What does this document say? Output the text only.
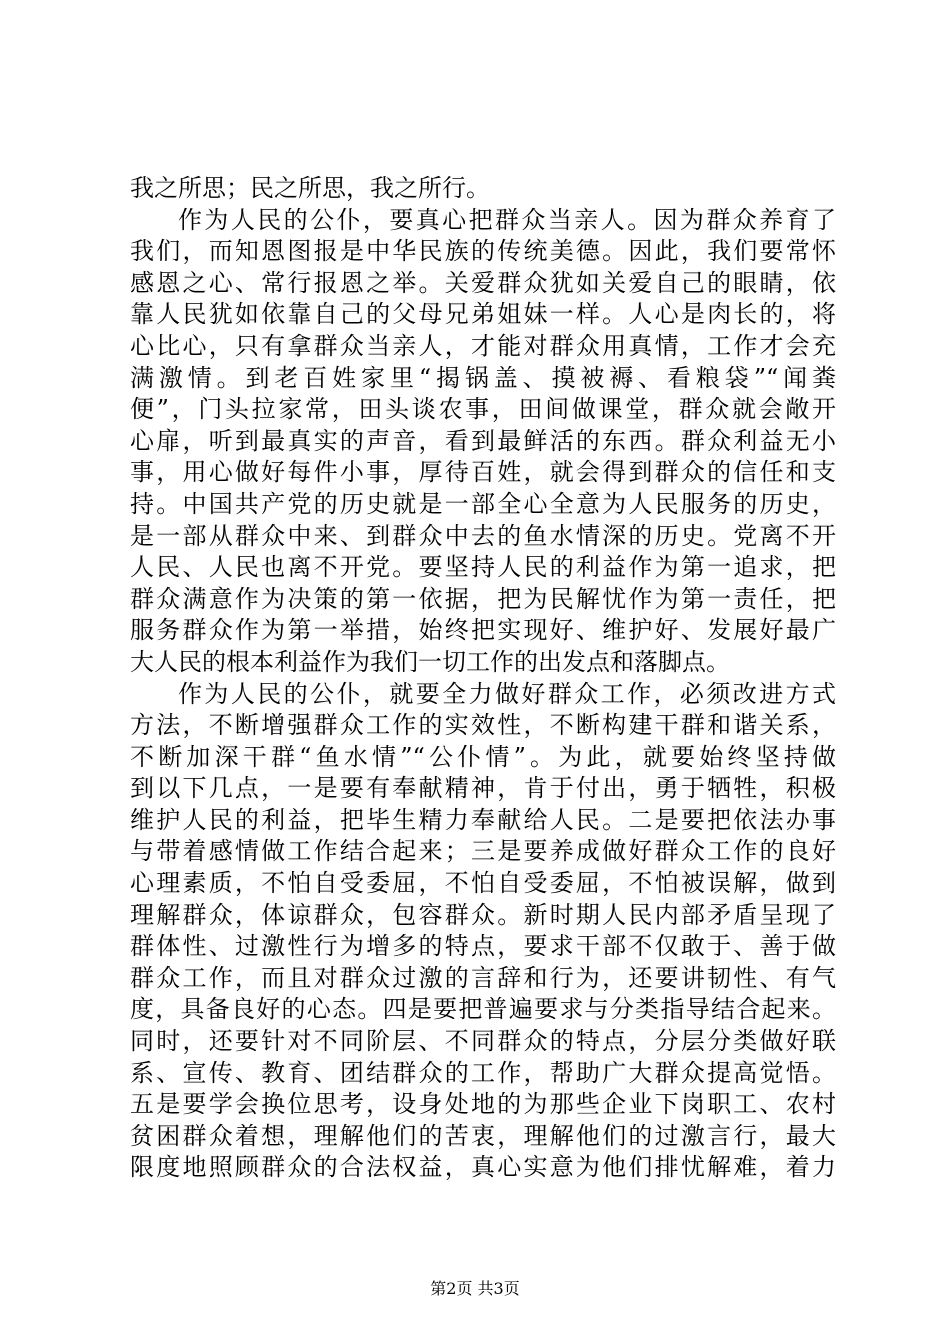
我之所思；民之所思，我之所行。
作为人民的公仆，要真心把群众当亲人。因为群众养育了
我们，而知恩图报是中华民族的传统美德。因此，我们要常怀
感恩之心、常行报恩之举。关爱群众犹如关爱自己的眼睛，依
靠人民犹如依靠自己的父母兄弟姐妹一样。人心是肉长的，将
心比心，只有拿群众当亲人，才能对群众用真情，工作才会充
满激情。到老百姓家里“揭锅盖、摸被褥、看粮袋”“闻粪
便”，门头拉家常，田头谈农事，田间做课堂，群众就会敞开
心扉，听到最真实的声音，看到最鲜活的东西。群众利益无小
事，用心做好每件小事，厚待百姓，就会得到群众的信任和支
持。中国共产党的历史就是一部全心全意为人民服务的历史，
是一部从群众中来、到群众中去的鱼水情深的历史。党离不开
人民、人民也离不开党。要坚持人民的利益作为第一追求，把
群众满意作为决策的第一依据，把为民解忧作为第一责任，把
服务群众作为第一举措，始终把实现好、维护好、发展好最广
大人民的根本利益作为我们一切工作的出发点和落脚点。
作为人民的公仆，就要全力做好群众工作，必须改进方式
方法，不断增强群众工作的实效性，不断构建干群和谐关系，
不断加深干群“鱼水情”“公仆情”。为此，就要始终坚持做
到以下几点，一是要有奉献精神，肯于付出，勇于牺牲，积极
维护人民的利益，把毕生精力奉献给人民。二是要把依法办事
与带着感情做工作结合起来；三是要养成做好群众工作的良好
心理素质，不怕自受委屈，不怕自受委屈，不怕被误解，做到
理解群众，体谅群众，包容群众。新时期人民内部矛盾呈现了
群体性、过激性行为增多的特点，要求干部不仅敢于、善于做
群众工作，而且对群众过激的言辞和行为，还要讲韧性、有气
度，具备良好的心态。四是要把普遍要求与分类指导结合起来。
同时，还要针对不同阶层、不同群众的特点，分层分类做好联
系、宣传、教育、团结群众的工作，帮助广大群众提高觉悟。
五是要学会换位思考，设身处地的为那些企业下岗职工、农村
贫困群众着想，理解他们的苦衷，理解他们的过激言行，最大
限度地照顾群众的合法权益，真心实意为他们排忧解难，着力
第2页 共3页
